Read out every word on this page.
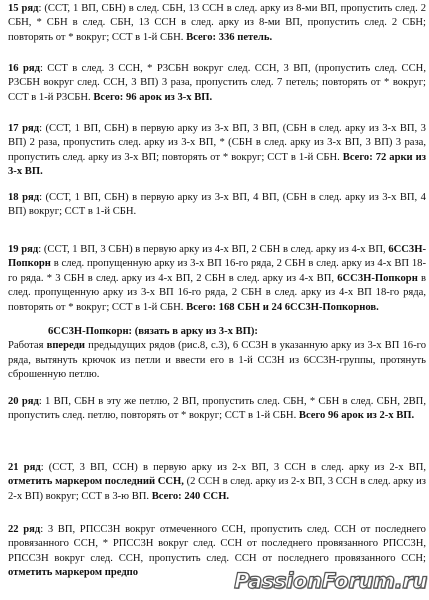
15 ряд: (ССТ, 1 ВП, СБН) в след. СБН, 13 ССН в след. арку из 8-ми ВП, пропустить след. 2 СБН, * СБН в след. СБН, 13 ССН в след. арку из 8-ми ВП, пропустить след. 2 СБН; повторять от * вокруг; ССТ в 1-й СБН. Всего: 336 петель.

16 ряд: ССТ в след. 3 ССН, * Р3СБН вокруг след. ССН, 3 ВП, (пропустить след. ССН, Р3СБН вокруг след. ССН, 3 ВП) 3 раза, пропустить след. 7 петель; повторять от * вокруг; ССТ в 1-й Р3СБН. Всего: 96 арок из 3-х ВП.

17 ряд: (ССТ, 1 ВП, СБН) в первую арку из 3-х ВП, 3 ВП, (СБН в след. арку из 3-х ВП, 3 ВП) 2 раза, пропустить след. арку из 3-х ВП, * (СБН в след. арку из 3-х ВП, 3 ВП) 3 раза, пропустить след. арку из 3-х ВП; повторять от * вокруг; ССТ в 1-й СБН. Всего: 72 арки из 3-х ВП.

18 ряд: (ССТ, 1 ВП, СБН) в первую арку из 3-х ВП, 4 ВП, (СБН в след. арку из 3-х ВП, 4 ВП) вокруг; ССТ в 1-й СБН.

19 ряд: (ССТ, 1 ВП, 3 СБН) в первую арку из 4-х ВП, 2 СБН в след. арку из 4-х ВП, 6СС3Н-Попкорн в след. пропущенную арку из 3-х ВП 16-го ряда, 2 СБН в след. арку из 4-х ВП 18-го ряда. * 3 СБН в след. арку из 4-х ВП, 2 СБН в след. арку из 4-х ВП, 6СС3Н-Попкорн в след. пропущенную арку из 3-х ВП 16-го ряда, 2 СБН в след. арку из 4-х ВП 18-го ряда, повторять от * вокруг; ССТ в 1-й СБН. Всего: 168 СБН и 24 6СС3Н-Попкорнов.

6СС3Н-Попкорн: (вязать в арку из 3-х ВП):
Работая впереди предыдущих рядов (рис.8, с.3), 6 СС3Н в указанную арку из 3-х ВП 16-го ряда, вытянуть крючок из петли и ввести его в 1-й СС3Н из 6СС3Н-группы, протянуть сброшенную петлю.

20 ряд: 1 ВП, СБН в эту же петлю, 2 ВП, пропустить след. СБН, * СБН в след. СБН, 2ВП, пропустить след. петлю, повторять от * вокруг; ССТ в 1-й СБН. Всего 96 арок из 2-х ВП.

21 ряд: (ССТ, 3 ВП, ССН) в первую арку из 2-х ВП, 3 ССН в след. арку из 2-х ВП, отметить маркером последний ССН, (2 ССН в след. арку из 2-х ВП, 3 ССН в след. арку из 2-х ВП) вокруг; ССТ в 3-ю ВП. Всего: 240 ССН.

22 ряд: 3 ВП, РПСС3Н вокруг отмеченного ССН, пропустить след. ССН от последнего провязанного ССН, * РПСС3Н вокруг след. ССН от последнего провязанного РПСС3Н, РПСС3Н вокруг след. ССН, пропустить след. ССН от последнего провязанного ССН; отметить маркером предпо	PassionForum.ru
